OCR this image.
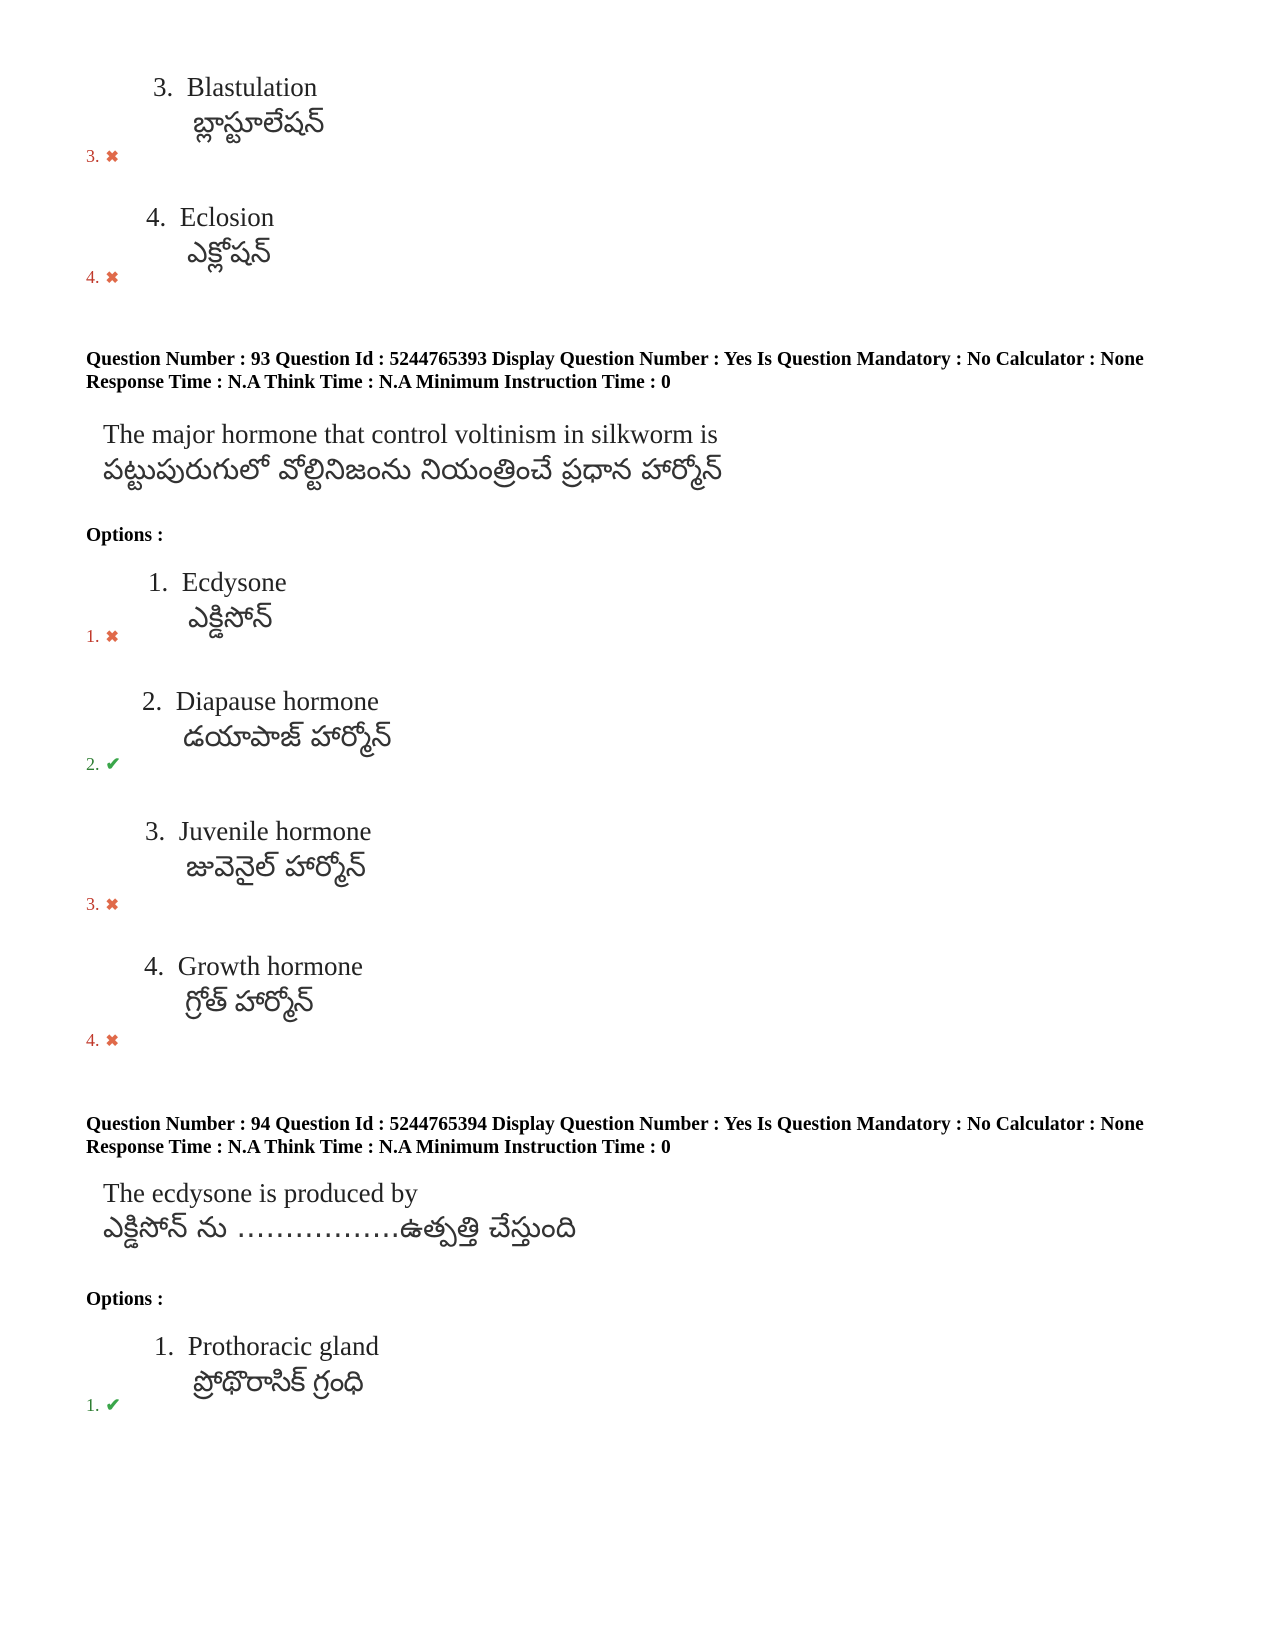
3. Blastulation
బ్లాస్టూలేషన్
3. ✖
4. Eclosion
ఎక్లోషన్
4. ✖
Question Number : 93 Question Id : 5244765393 Display Question Number : Yes Is Question Mandatory : No Calculator : None Response Time : N.A Think Time : N.A Minimum Instruction Time : 0
The major hormone that control voltinism in silkworm is
పట్టుపురుగులో వోల్టినిజంను నియంత్రించే ప్రధాన హార్మోన్
Options :
1. Ecdysone
ఎక్డిసోన్
1. ✖
2. Diapause hormone
డయాపాజ్ హార్మోన్
2. ✔
3. Juvenile hormone
జువెనైల్ హార్మోన్
3. ✖
4. Growth hormone
గ్రోత్ హార్మోన్
4. ✖
Question Number : 94 Question Id : 5244765394 Display Question Number : Yes Is Question Mandatory : No Calculator : None Response Time : N.A Think Time : N.A Minimum Instruction Time : 0
The ecdysone is produced by
ఎక్డిసోన్ ను ……………..ఉత్పత్తి చేస్తుంది
Options :
1. Prothoracic gland
ప్రోథొరాసిక్ గ్రంధి
1. ✔
